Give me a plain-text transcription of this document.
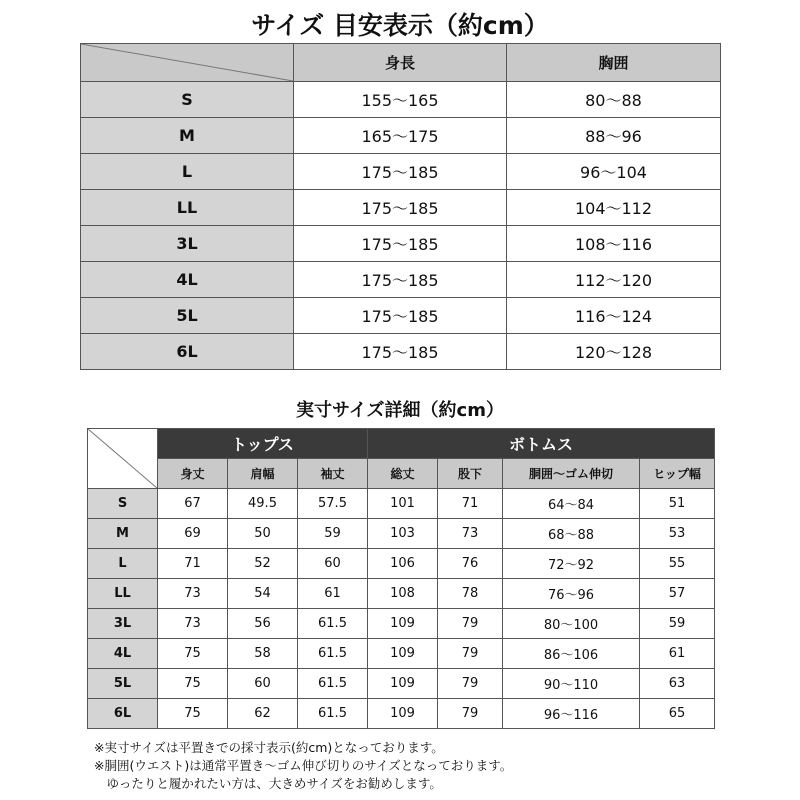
サイズ 目安表示（約cm）
	身長	胸囲
S	155〜165	80〜88
M	165〜175	88〜96
L	175〜185	96〜104
LL	175〜185	104〜112
3L	175〜185	108〜116
4L	175〜185	112〜120
5L	175〜185	116〜124
6L	175〜185	120〜128
実寸サイズ詳細（約cm）
	トップス			ボトムス			
	身丈	肩幅	袖丈	総丈	股下	胴囲〜ゴム伸切	ヒップ幅
S	67	49.5	57.5	101	71	64〜84	51
M	69	50	59	103	73	68〜88	53
L	71	52	60	106	76	72〜92	55
LL	73	54	61	108	78	76〜96	57
3L	73	56	61.5	109	79	80〜100	59
4L	75	58	61.5	109	79	86〜106	61
5L	75	60	61.5	109	79	90〜110	63
6L	75	62	61.5	109	79	96〜116	65
※実寸サイズは平置きでの採寸表示(約cm)となっております。
※胴囲(ウエスト)は通常平置き〜ゴム伸び切りのサイズとなっております。
　ゆったりと履かれたい方は、大きめサイズをお勧めします。
